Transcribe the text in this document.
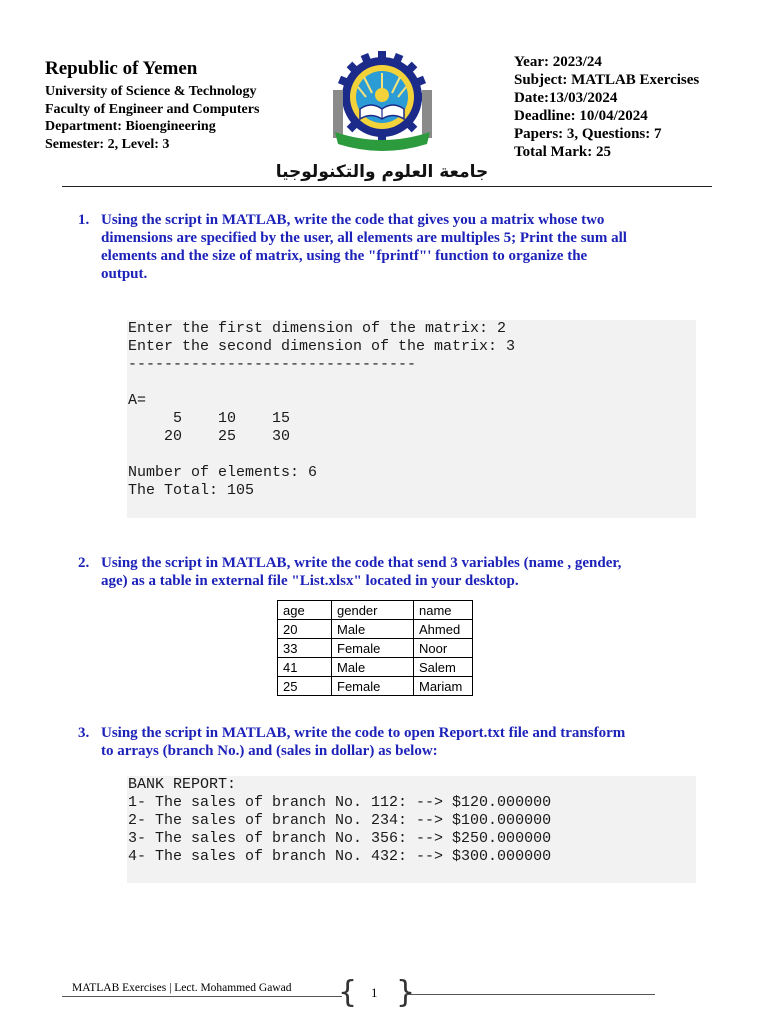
Republic of Yemen
University of Science & Technology
Faculty of Engineer and Computers
Department: Bioengineering
Semester: 2, Level: 3
جامعة العلوم والتكنولوجيا
Year: 2023/24
Subject: MATLAB Exercises
Date:13/03/2024
Deadline: 10/04/2024
Papers: 3, Questions: 7
Total Mark: 25
1. Using the script in MATLAB, write the code that gives you a matrix whose two
dimensions are specified by the user, all elements are multiples 5; Print the sum all
elements and the size of matrix, using the "fprintf"' function to organize the
output.
Enter the first dimension of the matrix: 2
Enter the second dimension of the matrix: 3
--------------------------------
A=
5    10    15
20    25    30
Number of elements: 6
The Total: 105
2. Using the script in MATLAB, write the code that send 3 variables (name , gender,
age) as a table in external file "List.xlsx" located in your desktop.
age	gender	name
20	Male	Ahmed
33	Female	Noor
41	Male	Salem
25	Female	Mariam
3. Using the script in MATLAB, write the code to open Report.txt file and transform
to arrays (branch No.) and (sales in dollar) as below:
BANK REPORT:
1- The sales of branch No. 112: --> $120.000000
2- The sales of branch No. 234: --> $100.000000
3- The sales of branch No. 356: --> $250.000000
4- The sales of branch No. 432: --> $300.000000
MATLAB Exercises | Lect. Mohammed Gawad { 1 }
